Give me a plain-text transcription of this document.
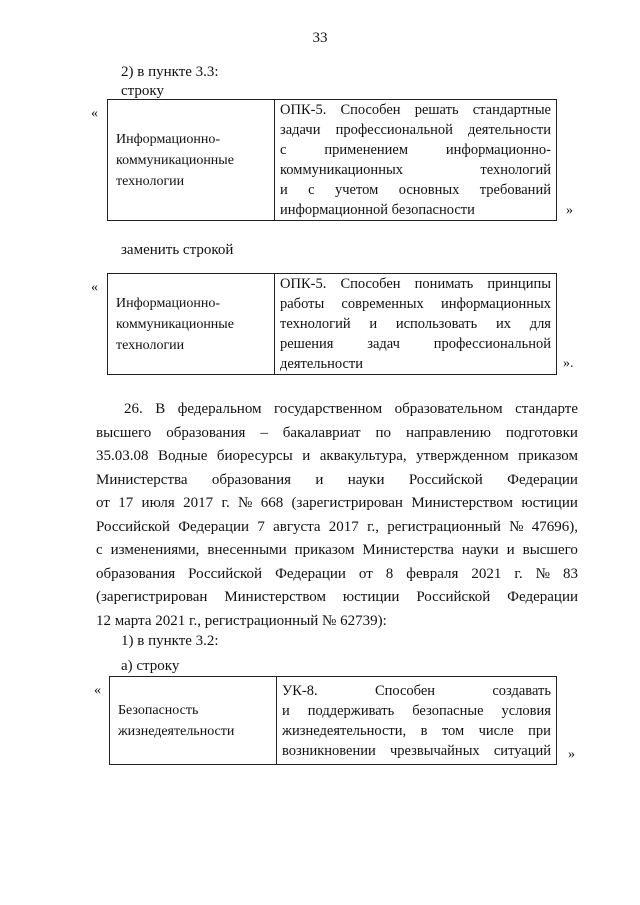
33
2) в пункте 3.3:
строку
«
Информационно-
коммуникационные
технологии

ОПК-5. Способен решать стандартные
задачи профессиональной деятельности
с	применением	информационно-
коммуникационных	технологий
и с учетом основных требований
информационной безопасности	»
заменить строкой
«
Информационно-
коммуникационные
технологии

ОПК-5. Способен понимать принципы
работы современных информационных
технологий и использовать их для
решения задач профессиональной
деятельности	».
26. В федеральном государственном образовательном стандарте
высшего образования – бакалавриат по направлению подготовки
35.03.08 Водные биоресурсы и аквакультура, утвержденном приказом
Министерства образования и науки Российской Федерации
от 17 июля 2017 г. № 668 (зарегистрирован Министерством юстиции
Российской Федерации 7 августа 2017 г., регистрационный № 47696),
с изменениями, внесенными приказом Министерства науки и высшего
образования Российской Федерации от 8 февраля 2021 г. № 83
(зарегистрирован Министерством юстиции Российской Федерации
12 марта 2021 г., регистрационный № 62739):
1) в пункте 3.2:
а) строку
«
Безопасность
жизнедеятельности

УК-8.	Способен	создавать
и поддерживать безопасные условия
жизнедеятельности, в том числе при
возникновении чрезвычайных ситуаций »
